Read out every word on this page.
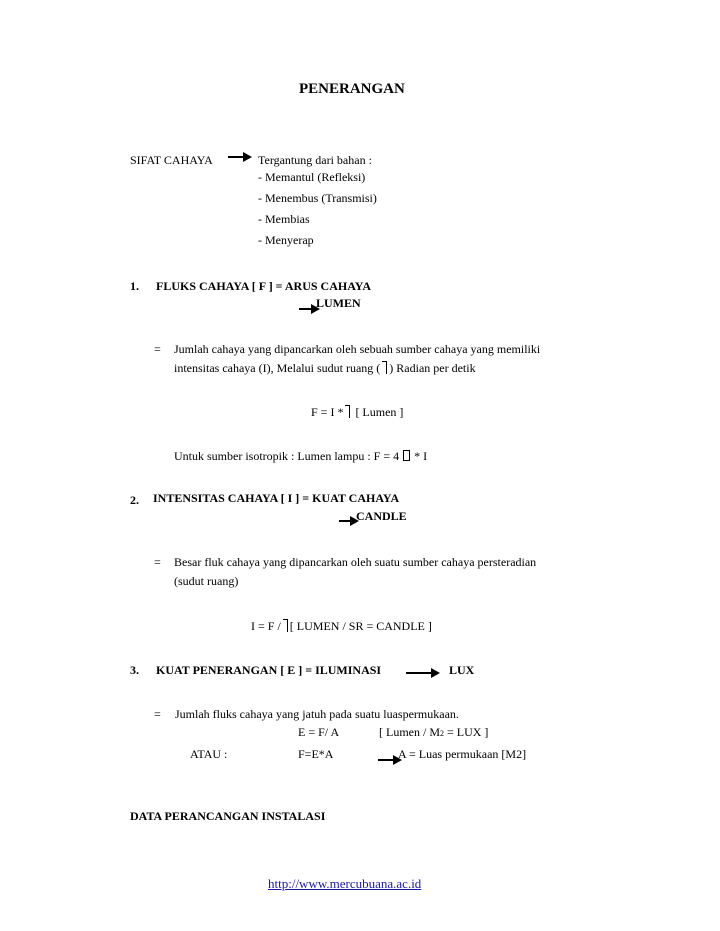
PENERANGAN
SIFAT CAHAYA	Tergantung dari bahan :
- Memantul (Refleksi)
- Menembus (Transmisi)
- Membias
- Menyerap
1. FLUKS CAHAYA [ F ] = ARUS CAHAYA
LUMEN
= Jumlah cahaya yang dipancarkan oleh sebuah sumber cahaya yang memiliki
intensitas cahaya (I), Melalui sudut ruang ( ) Radian per detik
F = I * [ Lumen ]
Untuk sumber isotropik : Lumen lampu : F = 4 * I
2. INTENSITAS CAHAYA [ I ] = KUAT CAHAYA
CANDLE
= Besar fluk cahaya yang dipancarkan oleh suatu sumber cahaya persteradian
(sudut ruang)
I = F / [ LUMEN / SR = CANDLE ]
3. KUAT PENERANGAN [ E ] = ILUMINASI	LUX
= Jumlah fluks cahaya yang jatuh pada suatu luaspermukaan.
E = F/ A	[ Lumen / M2 = LUX ]
ATAU :	F=E*A	A = Luas permukaan [M2]
DATA PERANCANGAN INSTALASI
http://www.mercubuana.ac.id
